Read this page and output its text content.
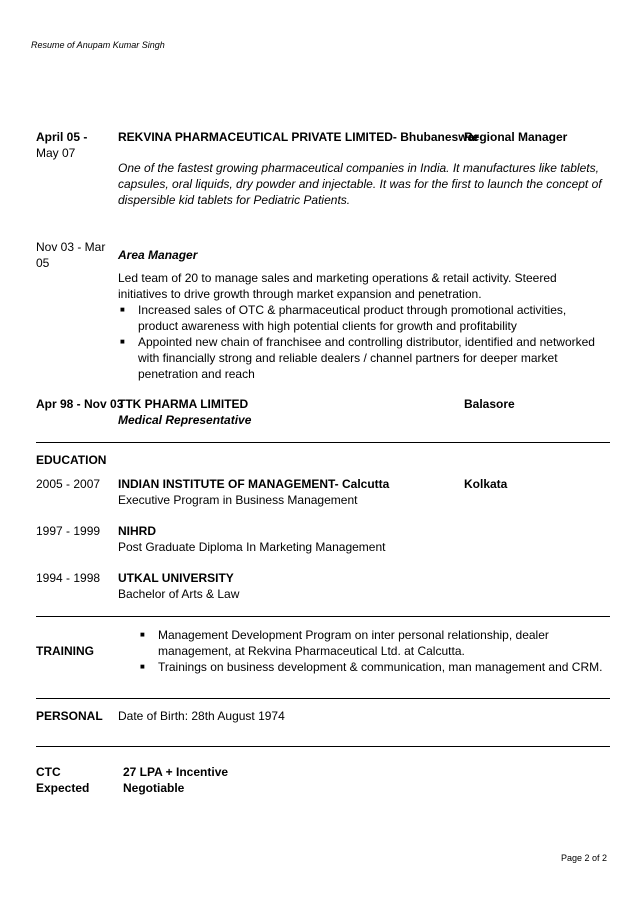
Resume of Anupam Kumar Singh
April 05 -
May 07
REKVINA PHARMACEUTICAL PRIVATE LIMITED- Bhubaneswar
Regional Manager
One of the fastest growing pharmaceutical companies in India. It manufactures like tablets, capsules, oral liquids, dry powder and injectable. It was for the first to launch the concept of dispersible kid tablets for Pediatric Patients.
Nov 03 - Mar
05
Area Manager
Led team of 20 to manage sales and marketing operations & retail activity. Steered initiatives to drive growth through market expansion and penetration.
■ Increased sales of OTC & pharmaceutical product through promotional activities, product awareness with high potential clients for growth and profitability
■ Appointed new chain of franchisee and controlling distributor, identified and networked with financially strong and reliable dealers / channel partners for deeper market penetration and reach
Apr 98 - Nov 03
TTK PHARMA LIMITED	Balasore
Medical Representative
EDUCATION
2005 - 2007 INDIAN INSTITUTE OF MANAGEMENT- Calcutta	Kolkata
Executive Program in Business Management
1997 - 1999 NIHRD
Post Graduate Diploma In Marketing Management
1994 - 1998 UTKAL UNIVERSITY
Bachelor of Arts & Law
TRAINING
■ Management Development Program on inter personal relationship, dealer management, at Rekvina Pharmaceutical Ltd. at Calcutta.
■ Trainings on business development & communication, man management and CRM.
PERSONAL Date of Birth: 28th August 1974
CTC
Expected
27 LPA + Incentive
Negotiable
Page 2 of 2
